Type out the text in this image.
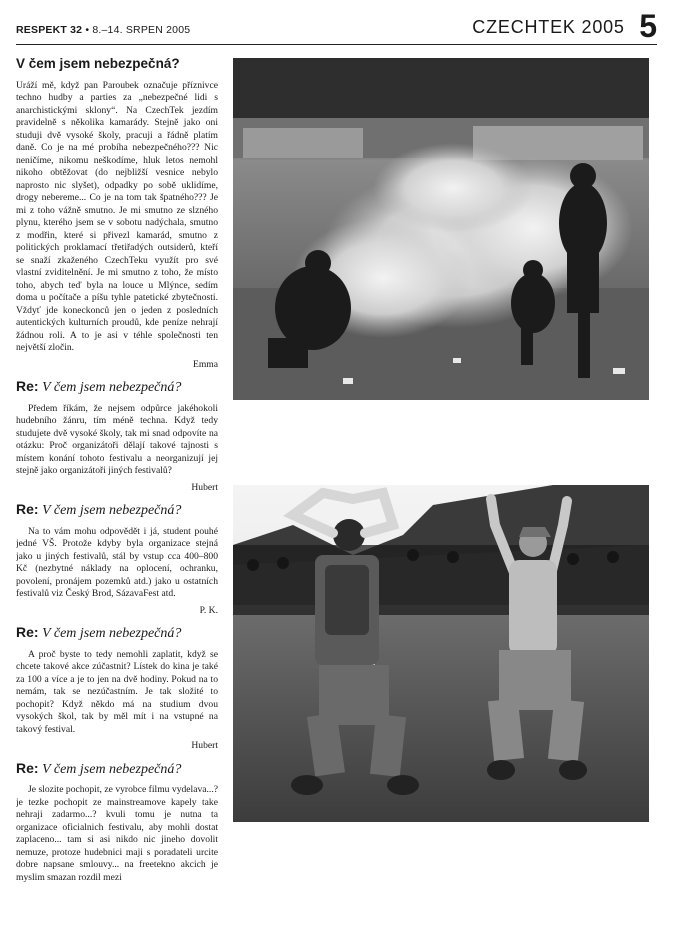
RESPEKT 32 • 8.–14. SRPEN 2005	CZECHTEK 2005 5
V čem jsem nebezpečná?

Uráží mě, když pan Paroubek označuje příznivce techno hudby a parties za „nebezpečné lidi s anarchistickými sklony“. Na CzechTek jezdím pravidelně s několika kamarády. Stejně jako oni studuji dvě vysoké školy, pracuji a řádně platím daně. Co je na mé probíha nebezpečného??? Nic neničíme, nikomu neškodíme, hluk letos nemohl nikoho obtěžovat (do nejbližší vesnice nebylo naprosto nic slyšet), odpadky po sobě uklidíme, drogy nebereme... Co je na tom tak špatného??? Je mi z toho vážně smutno. Je mi smutno ze slzného plynu, kterého jsem se v sobotu nadýchala, smutno z modřin, které si přivezl kamarád, smutno z politických proklamací třetiřadých outsiderů, kteří se snaží zkaženého CzechTeku využít pro své vlastní zviditelnění. Je mi smutno z toho, že místo toho, abych teď byla na louce u Mlýnce, sedím doma u počítače a píšu tyhle patetické zbytečnosti. Vždyť jde koneckonců jen o jeden z posledních autentických kulturních proudů, kde peníze nehrají žádnou roli. A to je asi v téhle společnosti ten největší zločin.

Emma
Re: V čem jsem nebezpečná?

Předem říkám, že nejsem odpůrce jakéhokoli hudebního žánru, tím méně techna. Když tedy studujete dvě vysoké školy, tak mi snad odpovíte na otázku: Proč organizátoři dělají takové tajnosti s místem konání tohoto festivalu a neorganizují jej stejně jako organizátoři jiných festivalů?

Hubert
Re: V čem jsem nebezpečná?

Na to vám mohu odpovědět i já, student pouhé jedné VŠ. Protože kdyby byla organizace stejná jako u jiných festivalů, stál by vstup cca 400–800 Kč (nezbytné náklady na oplocení, ochranku, povolení, pronájem pozemků atd.) jako u ostatních festivalů viz Český Brod, SázavaFest atd.

P. K.
Re: V čem jsem nebezpečná?

A proč byste to tedy nemohli zaplatit, když se chcete takové akce zúčastnit? Lístek do kina je také za 100 a více a je to jen na dvě hodiny. Pokud na to nemám, tak se nezúčastním. Je tak složité to pochopit? Když někdo má na studium dvou vysokých škol, tak by měl mít i na vstupné na takový festival.

Hubert
Re: V čem jsem nebezpečná?

Je slozite pochopit, ze vyrobce filmu vydelava...? je tezke pochopit ze mainstreamove kapely take nehraji zadarmo...? kvuli tomu je nutna ta organizace oficialnich festivalu, aby mohli dostat zaplaceno... tam si asi nikdo nic jineho dovolit nemuze, protoze hudebnici maji s poradateli urcite dobre napsane smlouvy... na freetekno akcich je myslim smazan rozdil mezi
